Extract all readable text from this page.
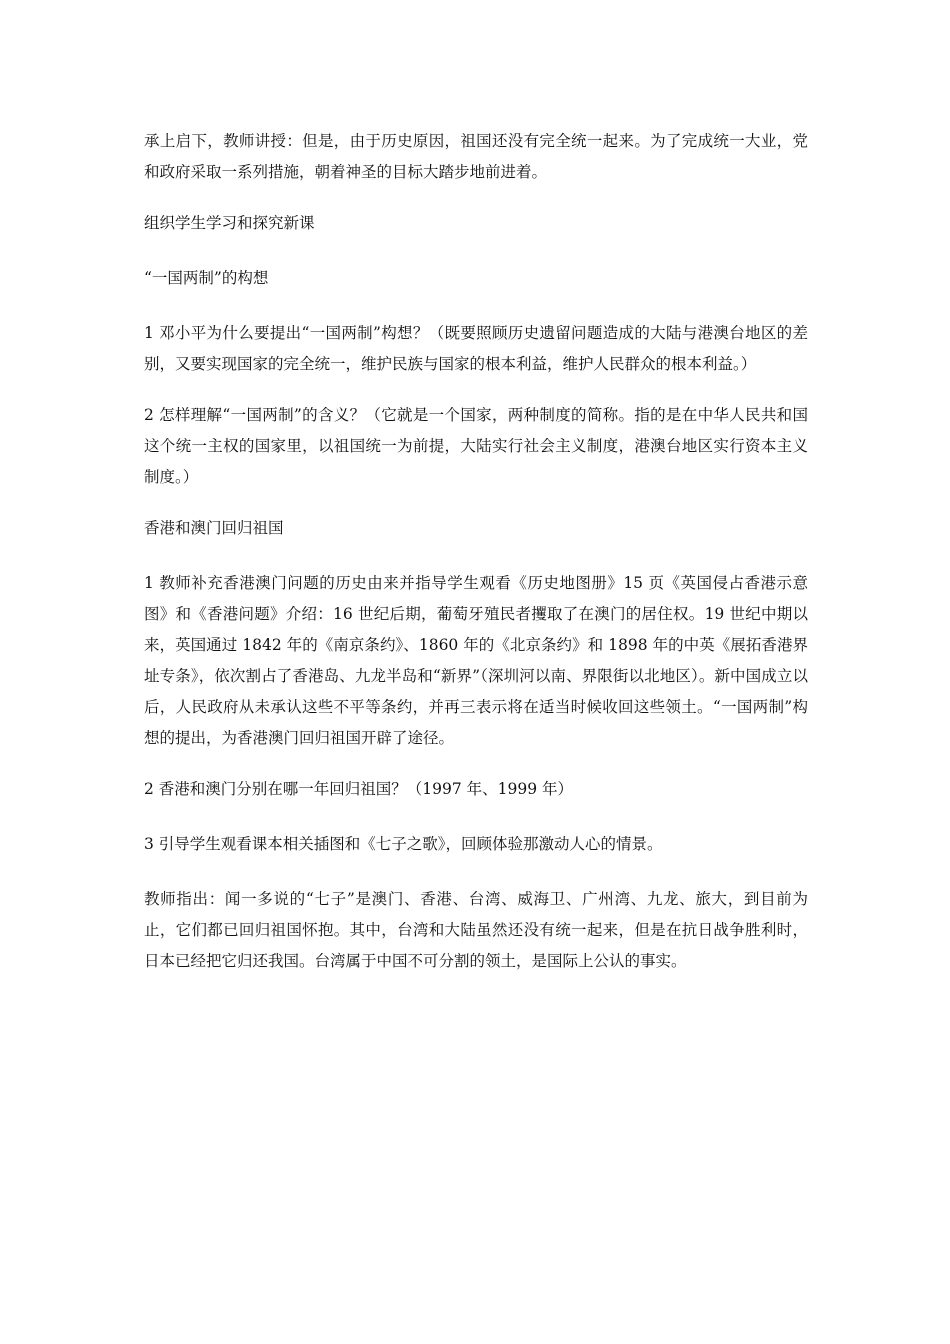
承上启下，教师讲授：但是，由于历史原因，祖国还没有完全统一起来。为了完成统一大业，党和政府采取一系列措施，朝着神圣的目标大踏步地前进着。

组织学生学习和探究新课

“一国两制”的构想

1 邓小平为什么要提出“一国两制”构想？（既要照顾历史遗留问题造成的大陆与港澳台地区的差别，又要实现国家的完全统一，维护民族与国家的根本利益，维护人民群众的根本利益。）

2 怎样理解“一国两制”的含义？（它就是一个国家，两种制度的简称。指的是在中华人民共和国这个统一主权的国家里，以祖国统一为前提，大陆实行社会主义制度，港澳台地区实行资本主义制度。）

香港和澳门回归祖国

1 教师补充香港澳门问题的历史由来并指导学生观看《历史地图册》15 页《英国侵占香港示意图》和《香港问题》介绍：16 世纪后期，葡萄牙殖民者攫取了在澳门的居住权。19 世纪中期以来，英国通过 1842 年的《南京条约》、1860 年的《北京条约》和 1898 年的中英《展拓香港界址专条》，依次割占了香港岛、九龙半岛和“新界”（深圳河以南、界限街以北地区）。新中国成立以后，人民政府从未承认这些不平等条约，并再三表示将在适当时候收回这些领土。“一国两制”构想的提出，为香港澳门回归祖国开辟了途径。

2 香港和澳门分别在哪一年回归祖国？（1997 年、1999 年）

3 引导学生观看课本相关插图和《七子之歌》，回顾体验那激动人心的情景。

教师指出：闻一多说的“七子”是澳门、香港、台湾、威海卫、广州湾、九龙、旅大，到目前为止，它们都已回归祖国怀抱。其中，台湾和大陆虽然还没有统一起来，但是在抗日战争胜利时，日本已经把它归还我国。台湾属于中国不可分割的领土，是国际上公认的事实。
